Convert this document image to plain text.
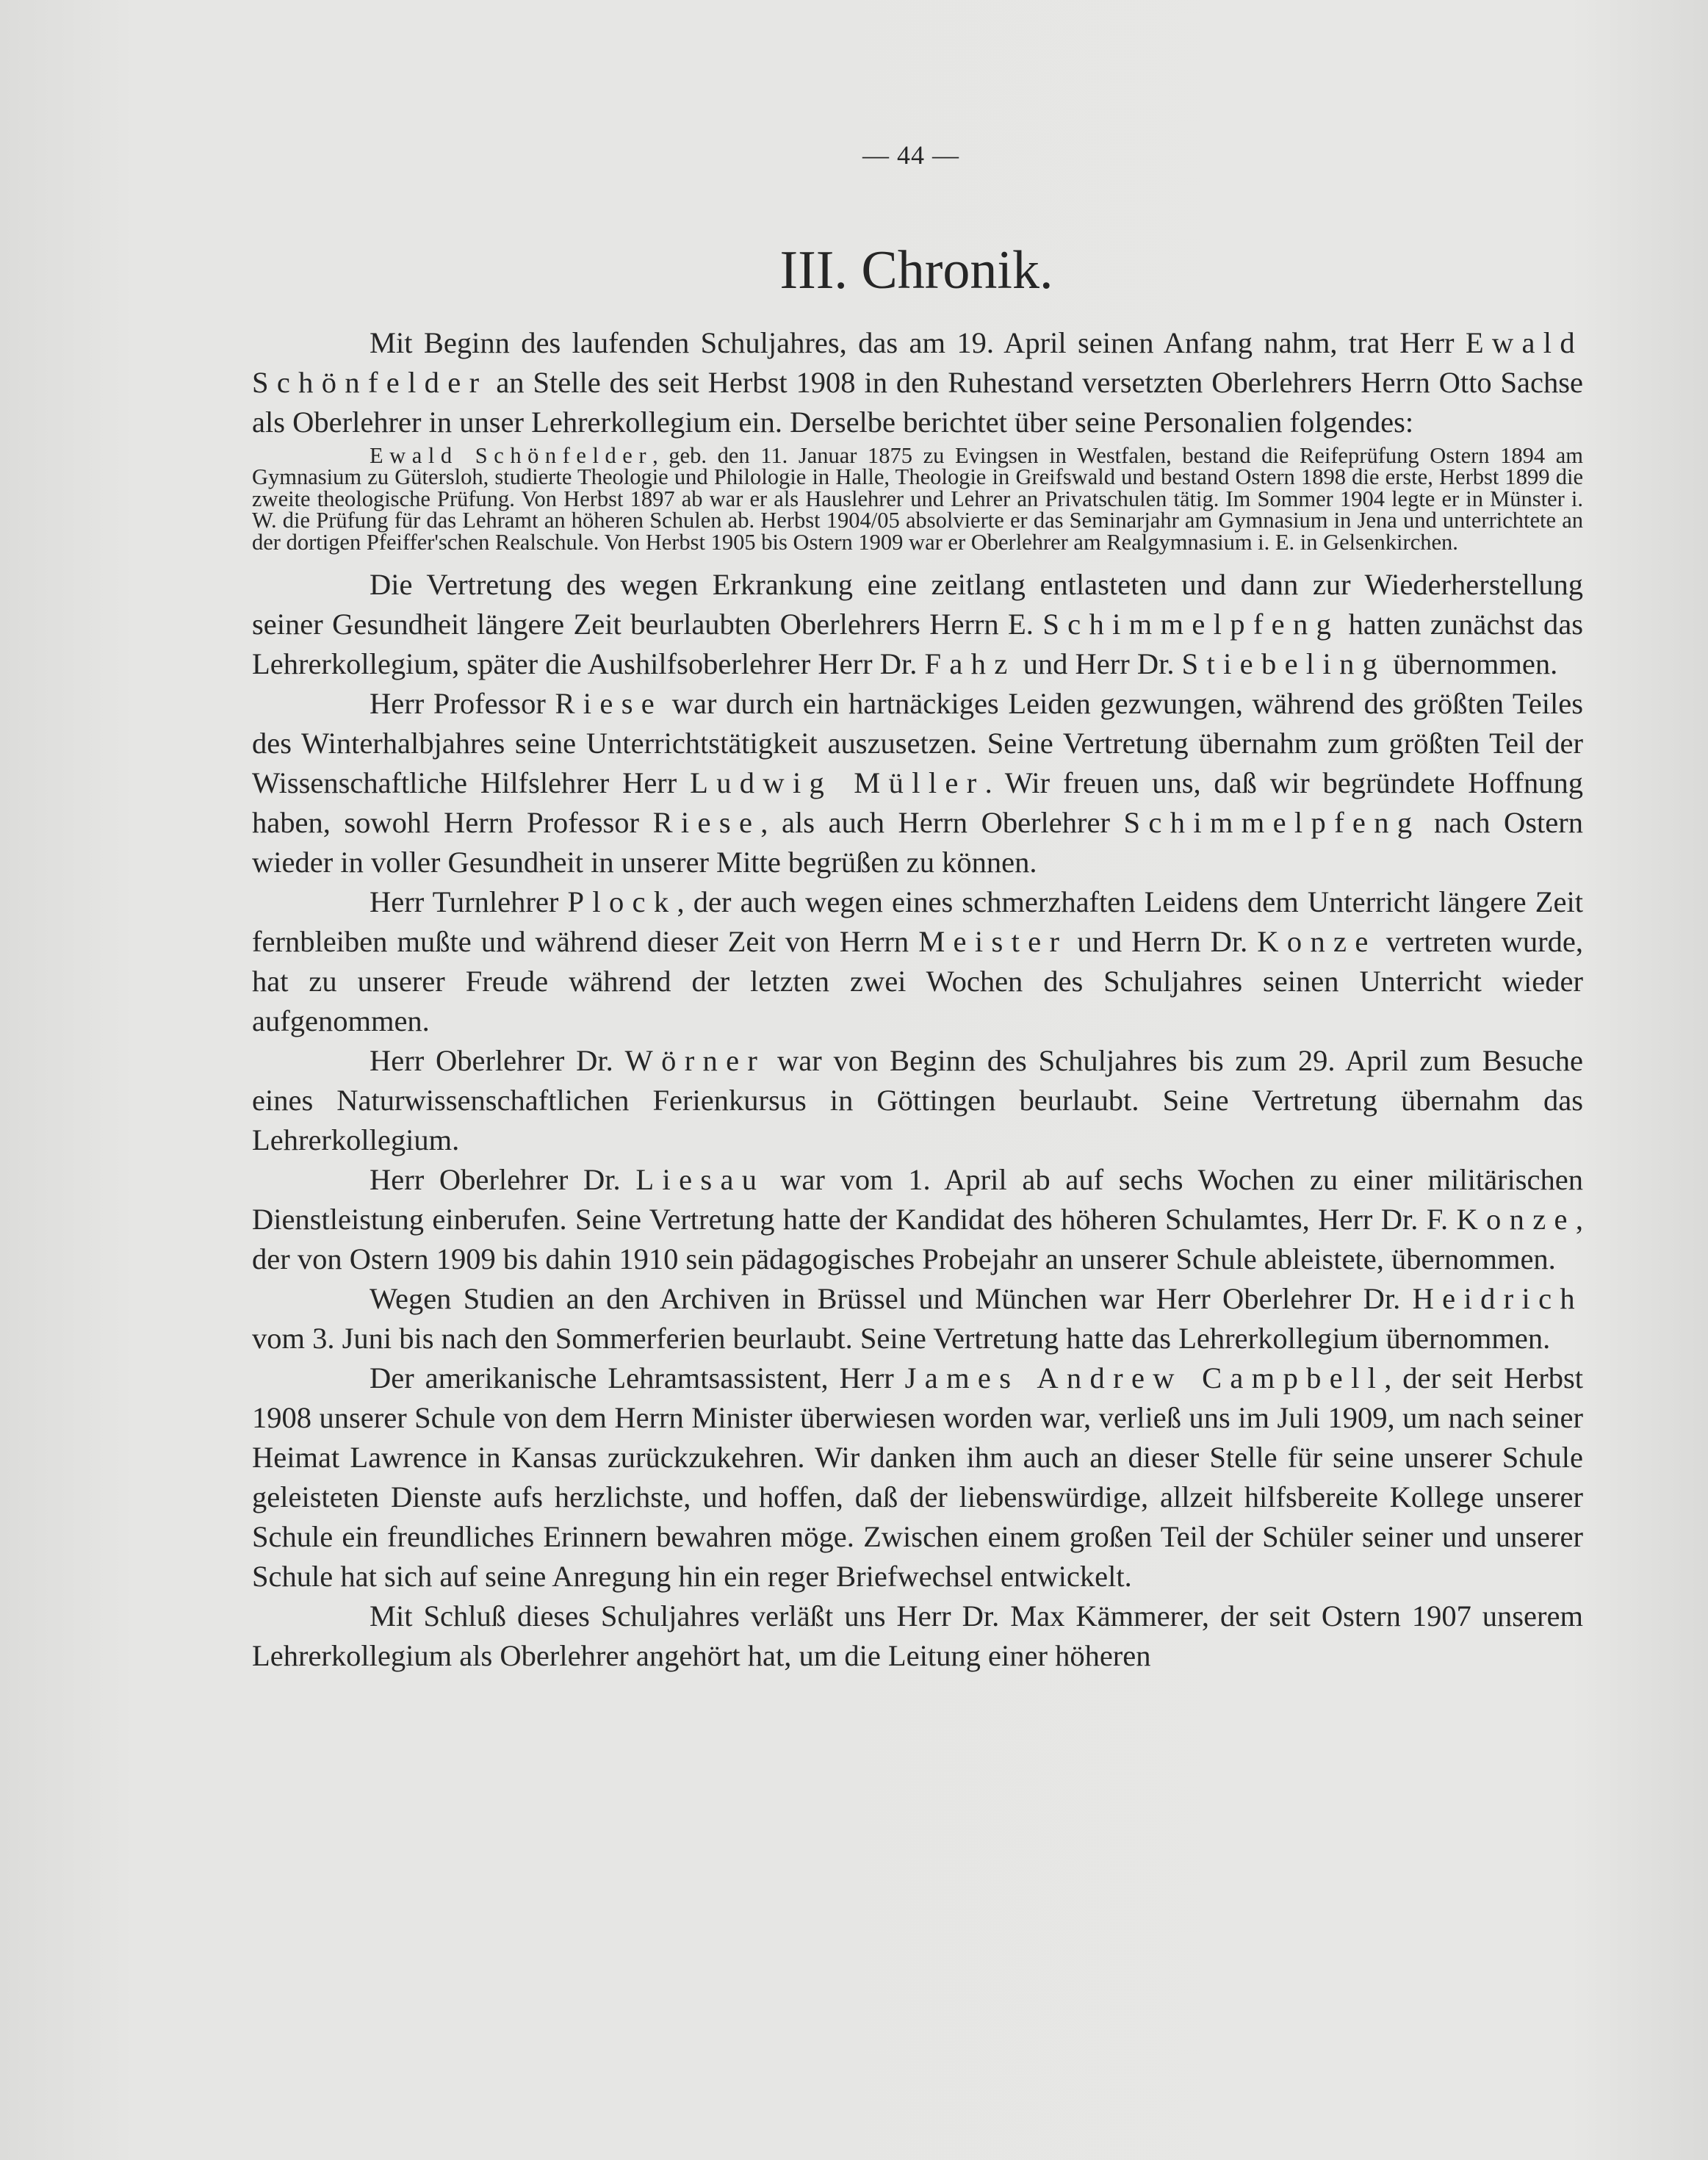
— 44 —
III. Chronik.

Mit Beginn des laufenden Schuljahres, das am 19. April seinen Anfang nahm, trat Herr Ewald Schönfelder an Stelle des seit Herbst 1908 in den Ruhestand versetzten Oberlehrers Herrn Otto Sachse als Oberlehrer in unser Lehrerkollegium ein. Derselbe berichtet über seine Personalien folgendes:

Ewald Schönfelder, geb. den 11. Januar 1875 zu Evingsen in Westfalen, bestand die Reifeprüfung Ostern 1894 am Gymnasium zu Gütersloh, studierte Theologie und Philologie in Halle, Theologie in Greifswald und bestand Ostern 1898 die erste, Herbst 1899 die zweite theologische Prüfung. Von Herbst 1897 ab war er als Hauslehrer und Lehrer an Privatschulen tätig. Im Sommer 1904 legte er in Münster i. W. die Prüfung für das Lehramt an höheren Schulen ab. Herbst 1904/05 absolvierte er das Seminarjahr am Gymnasium in Jena und unterrichtete an der dortigen Pfeiffer'schen Realschule. Von Herbst 1905 bis Ostern 1909 war er Oberlehrer am Realgymnasium i. E. in Gelsenkirchen.

Die Vertretung des wegen Erkrankung eine zeitlang entlasteten und dann zur Wiederherstellung seiner Gesundheit längere Zeit beurlaubten Oberlehrers Herrn E. Schimmelpfeng hatten zunächst das Lehrerkollegium, später die Aushilfsoberlehrer Herr Dr. Fahz und Herr Dr. Stiebeling übernommen.

Herr Professor Riese war durch ein hartnäckiges Leiden gezwungen, während des größten Teiles des Winterhalbjahres seine Unterrichtstätigkeit auszusetzen. Seine Vertretung übernahm zum größten Teil der Wissenschaftliche Hilfslehrer Herr Ludwig Müller. Wir freuen uns, daß wir begründete Hoffnung haben, sowohl Herrn Professor Riese, als auch Herrn Oberlehrer Schimmelpfeng nach Ostern wieder in voller Gesundheit in unserer Mitte begrüßen zu können.

Herr Turnlehrer Plock, der auch wegen eines schmerzhaften Leidens dem Unterricht längere Zeit fernbleiben mußte und während dieser Zeit von Herrn Meister und Herrn Dr. Konze vertreten wurde, hat zu unserer Freude während der letzten zwei Wochen des Schuljahres seinen Unterricht wieder aufgenommen.

Herr Oberlehrer Dr. Wörner war von Beginn des Schuljahres bis zum 29. April zum Besuche eines Naturwissenschaftlichen Ferienkursus in Göttingen beurlaubt. Seine Vertretung übernahm das Lehrerkollegium.

Herr Oberlehrer Dr. Liesau war vom 1. April ab auf sechs Wochen zu einer militärischen Dienstleistung einberufen. Seine Vertretung hatte der Kandidat des höheren Schulamtes, Herr Dr. F. Konze, der von Ostern 1909 bis dahin 1910 sein pädagogisches Probejahr an unserer Schule ableistete, übernommen.

Wegen Studien an den Archiven in Brüssel und München war Herr Oberlehrer Dr. Heidrich vom 3. Juni bis nach den Sommerferien beurlaubt. Seine Vertretung hatte das Lehrerkollegium übernommen.

Der amerikanische Lehramtsassistent, Herr James Andrew Campbell, der seit Herbst 1908 unserer Schule von dem Herrn Minister überwiesen worden war, verließ uns im Juli 1909, um nach seiner Heimat Lawrence in Kansas zurückzukehren. Wir danken ihm auch an dieser Stelle für seine unserer Schule geleisteten Dienste aufs herzlichste, und hoffen, daß der liebenswürdige, allzeit hilfsbereite Kollege unserer Schule ein freundliches Erinnern bewahren möge. Zwischen einem großen Teil der Schüler seiner und unserer Schule hat sich auf seine Anregung hin ein reger Briefwechsel entwickelt.

Mit Schluß dieses Schuljahres verläßt uns Herr Dr. Max Kämmerer, der seit Ostern 1907 unserem Lehrerkollegium als Oberlehrer angehört hat, um die Leitung einer höheren
